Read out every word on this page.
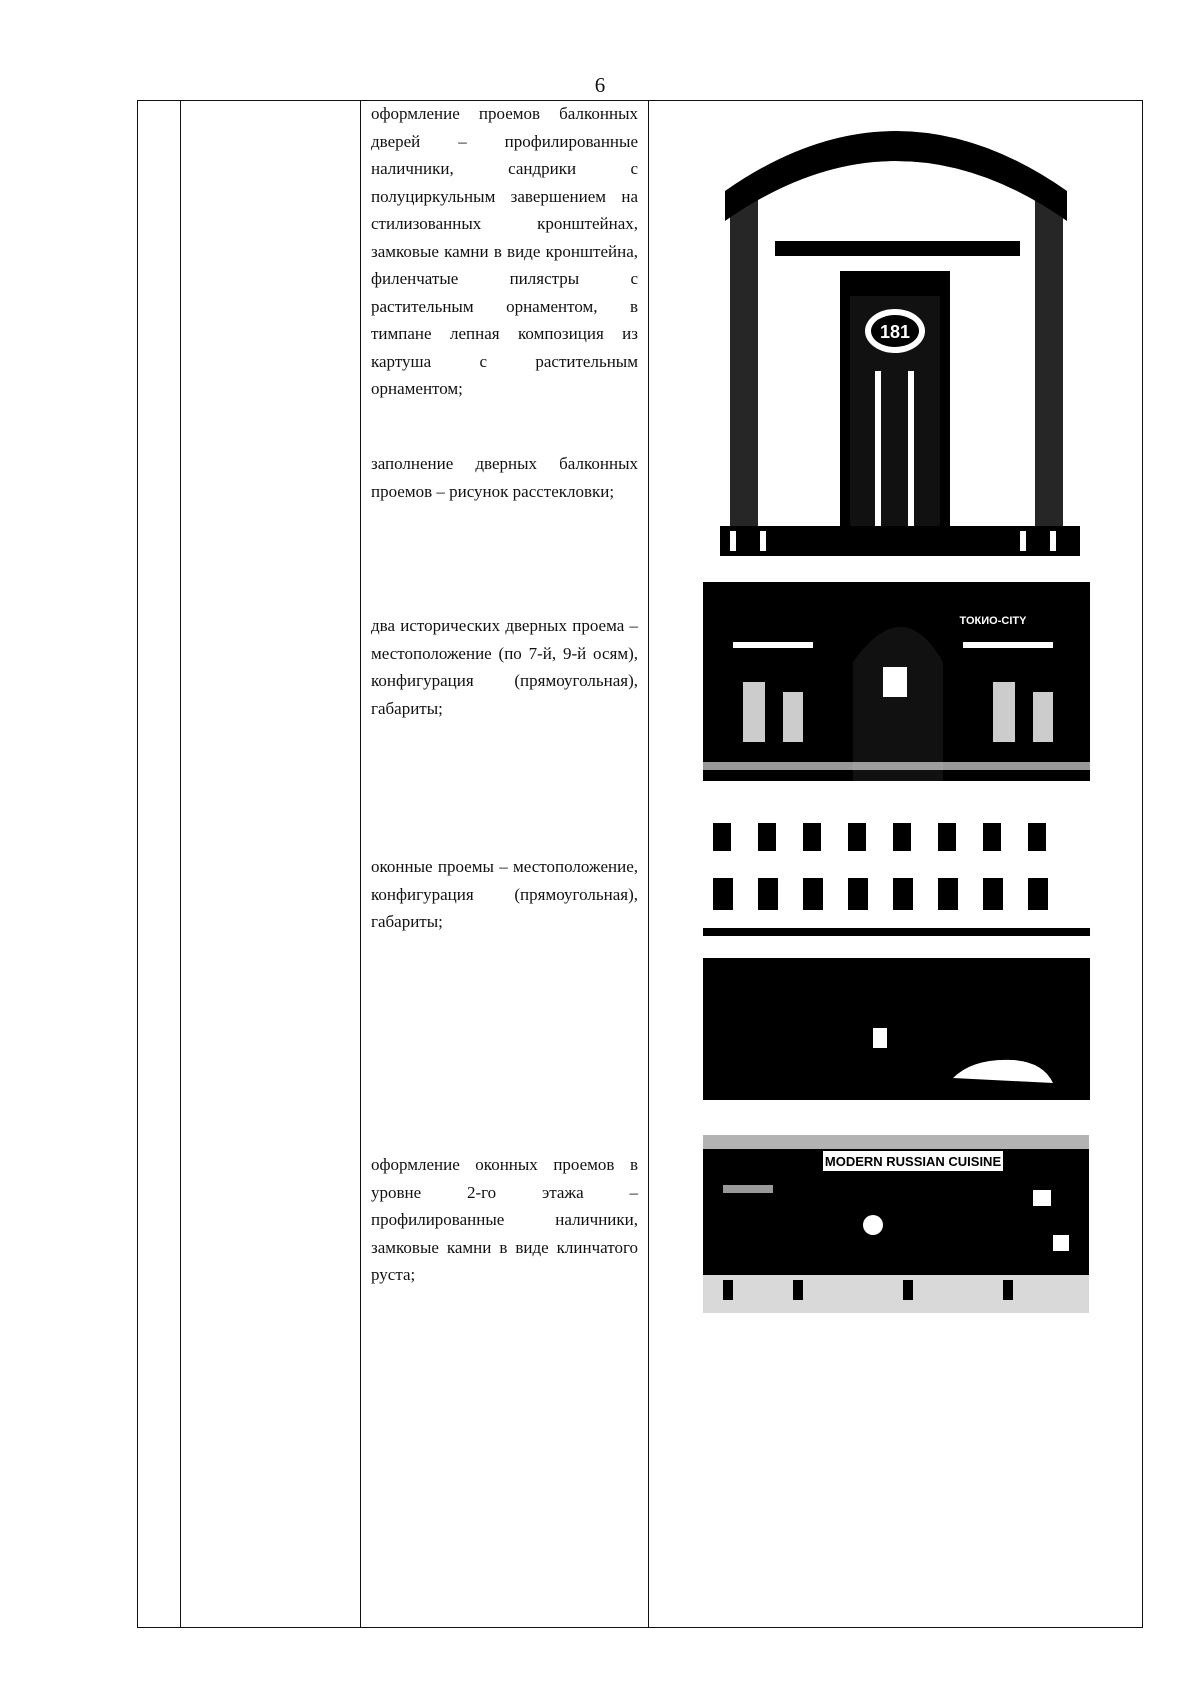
6
оформление проемов балконных дверей – профилированные наличники, сандрики с полуциркульным завершением на стилизованных кронштейнах, замковые камни в виде кронштейна, филенчатые пилястры с растительным орнаментом, в тимпане лепная композиция из картуша с растительным орнаментом;
заполнение дверных балконных проемов – рисунок расстекловки;
два исторических дверных проема – местоположение (по 7-й, 9-й осям), конфигурация (прямоугольная), габариты;
оконные проемы – местоположение, конфигурация (прямоугольная), габариты;
оформление оконных проемов в уровне 2-го этажа – профилированные наличники, замковые камни в виде клинчатого руста;
181
ТОКИО-CITY
MODERN RUSSIAN CUISINE
